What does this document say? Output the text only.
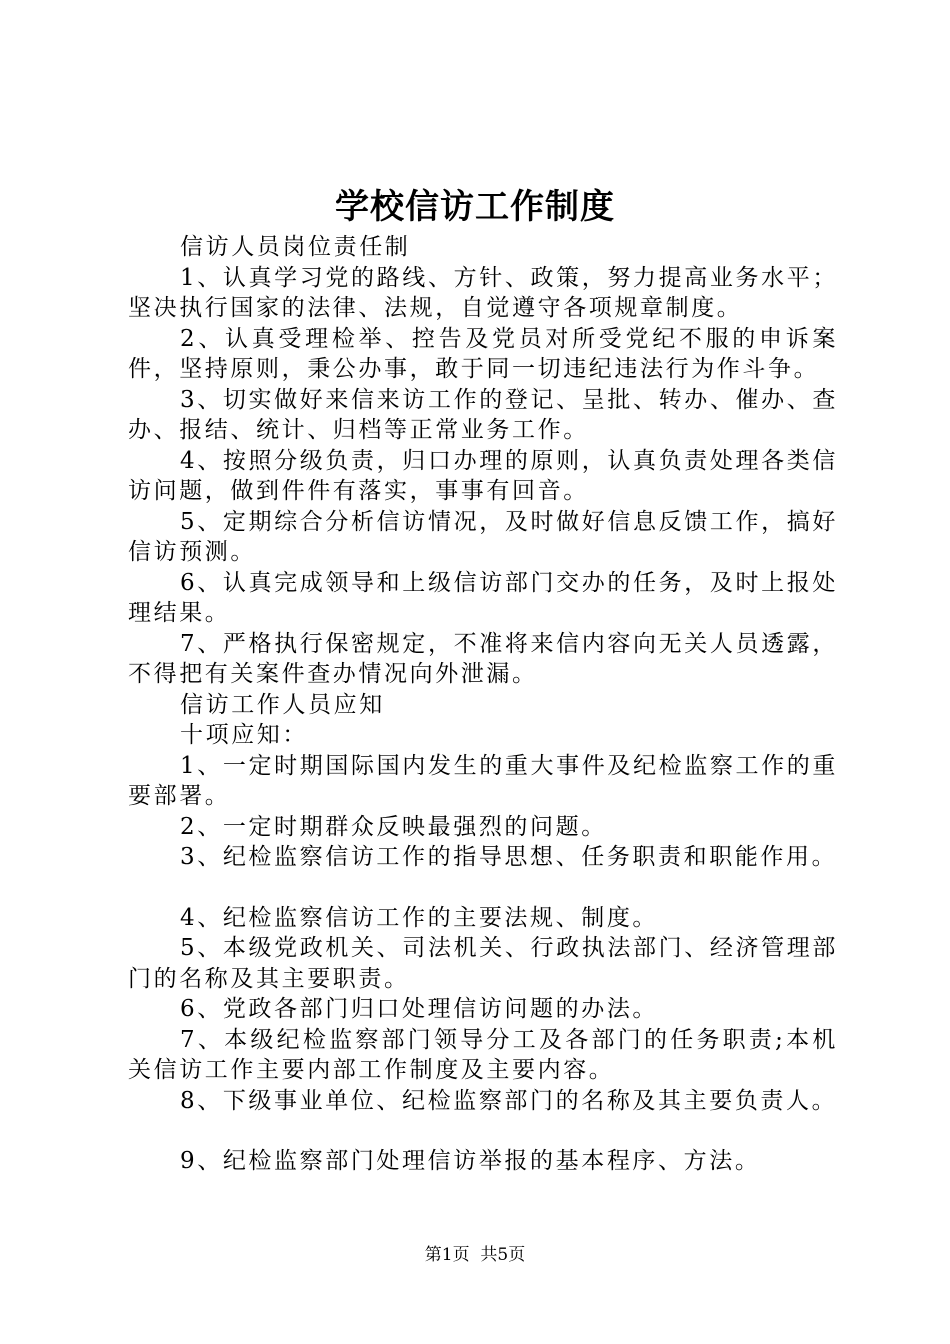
学校信访工作制度

信访人员岗位责任制

1、认真学习党的路线、方针、政策，努力提高业务水平；坚决执行国家的法律、法规，自觉遵守各项规章制度。

2、认真受理检举、控告及党员对所受党纪不服的申诉案件，坚持原则，秉公办事，敢于同一切违纪违法行为作斗争。

3、切实做好来信来访工作的登记、呈批、转办、催办、查办、报结、统计、归档等正常业务工作。

4、按照分级负责，归口办理的原则，认真负责处理各类信访问题，做到件件有落实，事事有回音。

5、定期综合分析信访情况，及时做好信息反馈工作，搞好信访预测。

6、认真完成领导和上级信访部门交办的任务，及时上报处理结果。

7、严格执行保密规定，不准将来信内容向无关人员透露，不得把有关案件查办情况向外泄漏。

信访工作人员应知

十项应知：

1、一定时期国际国内发生的重大事件及纪检监察工作的重要部署。

2、一定时期群众反映最强烈的问题。

3、纪检监察信访工作的指导思想、任务职责和职能作用。

4、纪检监察信访工作的主要法规、制度。

5、本级党政机关、司法机关、行政执法部门、经济管理部门的名称及其主要职责。

6、党政各部门归口处理信访问题的办法。

7、本级纪检监察部门领导分工及各部门的任务职责;本机关信访工作主要内部工作制度及主要内容。

8、下级事业单位、纪检监察部门的名称及其主要负责人。

9、纪检监察部门处理信访举报的基本程序、方法。

第1页 共5页
